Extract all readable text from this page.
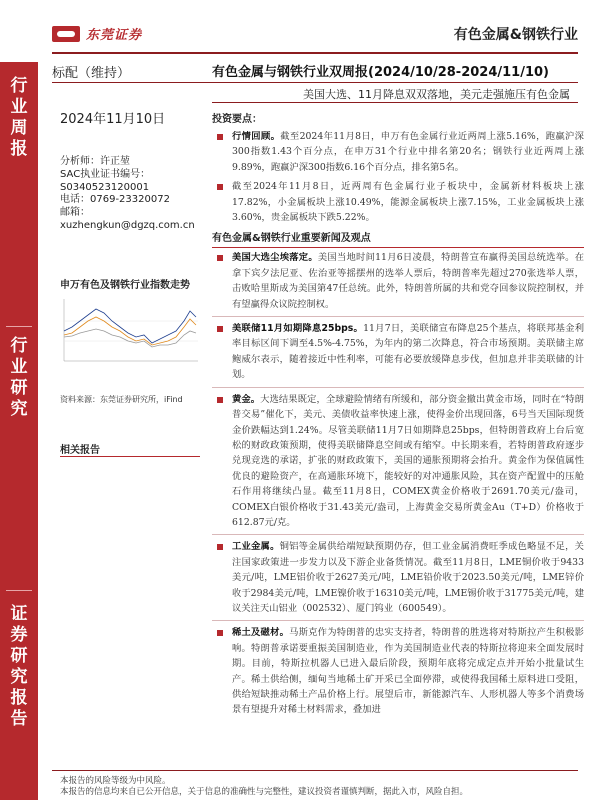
东莞证券	有色金属&钢铁行业
行业周报
行业研究
证券研究报告
标配（维持）	有色金属与钢铁行业双周报(2024/10/28-2024/11/10)
美国大选、11月降息双双落地，美元走强施压有色金属
2024年11月10日
分析师：许正堃
SAC执业证书编号：
S0340523120001
电话：0769-23320072
邮箱：
xuzhengkun@dgzq.com.cn
申万有色及钢铁行业指数走势
资料来源：东莞证券研究所，iFind
相关报告
投资要点：
行情回顾。截至2024年11月8日，申万有色金属行业近两周上涨5.16%，跑赢沪深300指数1.43个百分点，在申万31个行业中排名第20名；钢铁行业近两周上涨9.89%，跑赢沪深300指数6.16个百分点，排名第5名。
截至2024年11月8日，近两周有色金属行业子板块中，金属新材料板块上涨17.82%，小金属板块上涨10.49%，能源金属板块上涨7.15%，工业金属板块上涨3.60%，贵金属板块下跌5.22%。
有色金属&钢铁行业重要新闻及观点
美国大选尘埃落定。美国当地时间11月6日凌晨，特朗普宣布赢得美国总统选举。在拿下宾夕法尼亚、佐治亚等摇摆州的选举人票后，特朗普率先超过270张选举人票，击败哈里斯成为美国第47任总统。此外，特朗普所属的共和党夺回参议院控制权，并有望赢得众议院控制权。
美联储11月如期降息25bps。11月7日，美联储宣布降息25个基点，将联邦基金利率目标区间下调至4.5%-4.75%，为年内的第二次降息，符合市场预期。美联储主席鲍威尔表示，随着接近中性利率，可能有必要放缓降息步伐，但加息并非美联储的计划。
黄金。大选结果既定，全球避险情绪有所缓和，部分资金撤出黄金市场，同时在“特朗普交易”催化下，美元、美债收益率快速上涨，使得金价出现回落，6号当天国际现货金价跌幅达到1.24%。尽管美联储11月7日如期降息25bps，但特朗普政府上台后宽松的财政政策预期，使得美联储降息空间或有缩窄。中长期来看，若特朗普政府逐步兑现竞选的承诺，扩张的财政政策下，美国的通胀预期将会抬升。黄金作为保值属性优良的避险资产，在高通胀环境下，能较好的对冲通胀风险，其在资产配置中的压舱石作用将继续凸显。截至11月8日，COMEX黄金价格收于2691.70美元/盎司，COMEX白银价格收于31.43美元/盎司，上海黄金交易所黄金Au（T+D）价格收于612.87元/克。
工业金属。铜铝等金属供给端短缺预期仍存，但工业金属消费旺季成色略显不足，关注国家政策进一步发力以及下游企业备货情况。截至11月8日，LME铜价收于9433美元/吨，LME铝价收于2627美元/吨，LME铅价收于2023.50美元/吨，LME锌价收于2984美元/吨，LME镍价收于16310美元/吨，LME锡价收于31775美元/吨，建议关注天山铝业（002532）、厦门钨业（600549）。
稀土及磁材。马斯克作为特朗普的忠实支持者，特朗普的胜选将对特斯拉产生积极影响。特朗普承诺要重振美国制造业，作为美国制造业代表的特斯拉将迎来全面发展时期。目前，特斯拉机器人已进入最后阶段，预期年底将完成定点并开始小批量试生产。稀土供给侧，缅甸当地稀土矿开采已全面停滞，或使得我国稀土原料进口受阻，供给短缺推动稀土产品价格上行。展望后市，新能源汽车、人形机器人等多个消费场景有望提升对稀土材料需求，叠加进
本报告的风险等级为中风险。
本报告的信息均来自已公开信息，关于信息的准确性与完整性，建议投资者谨慎判断，据此入市，风险自担。
